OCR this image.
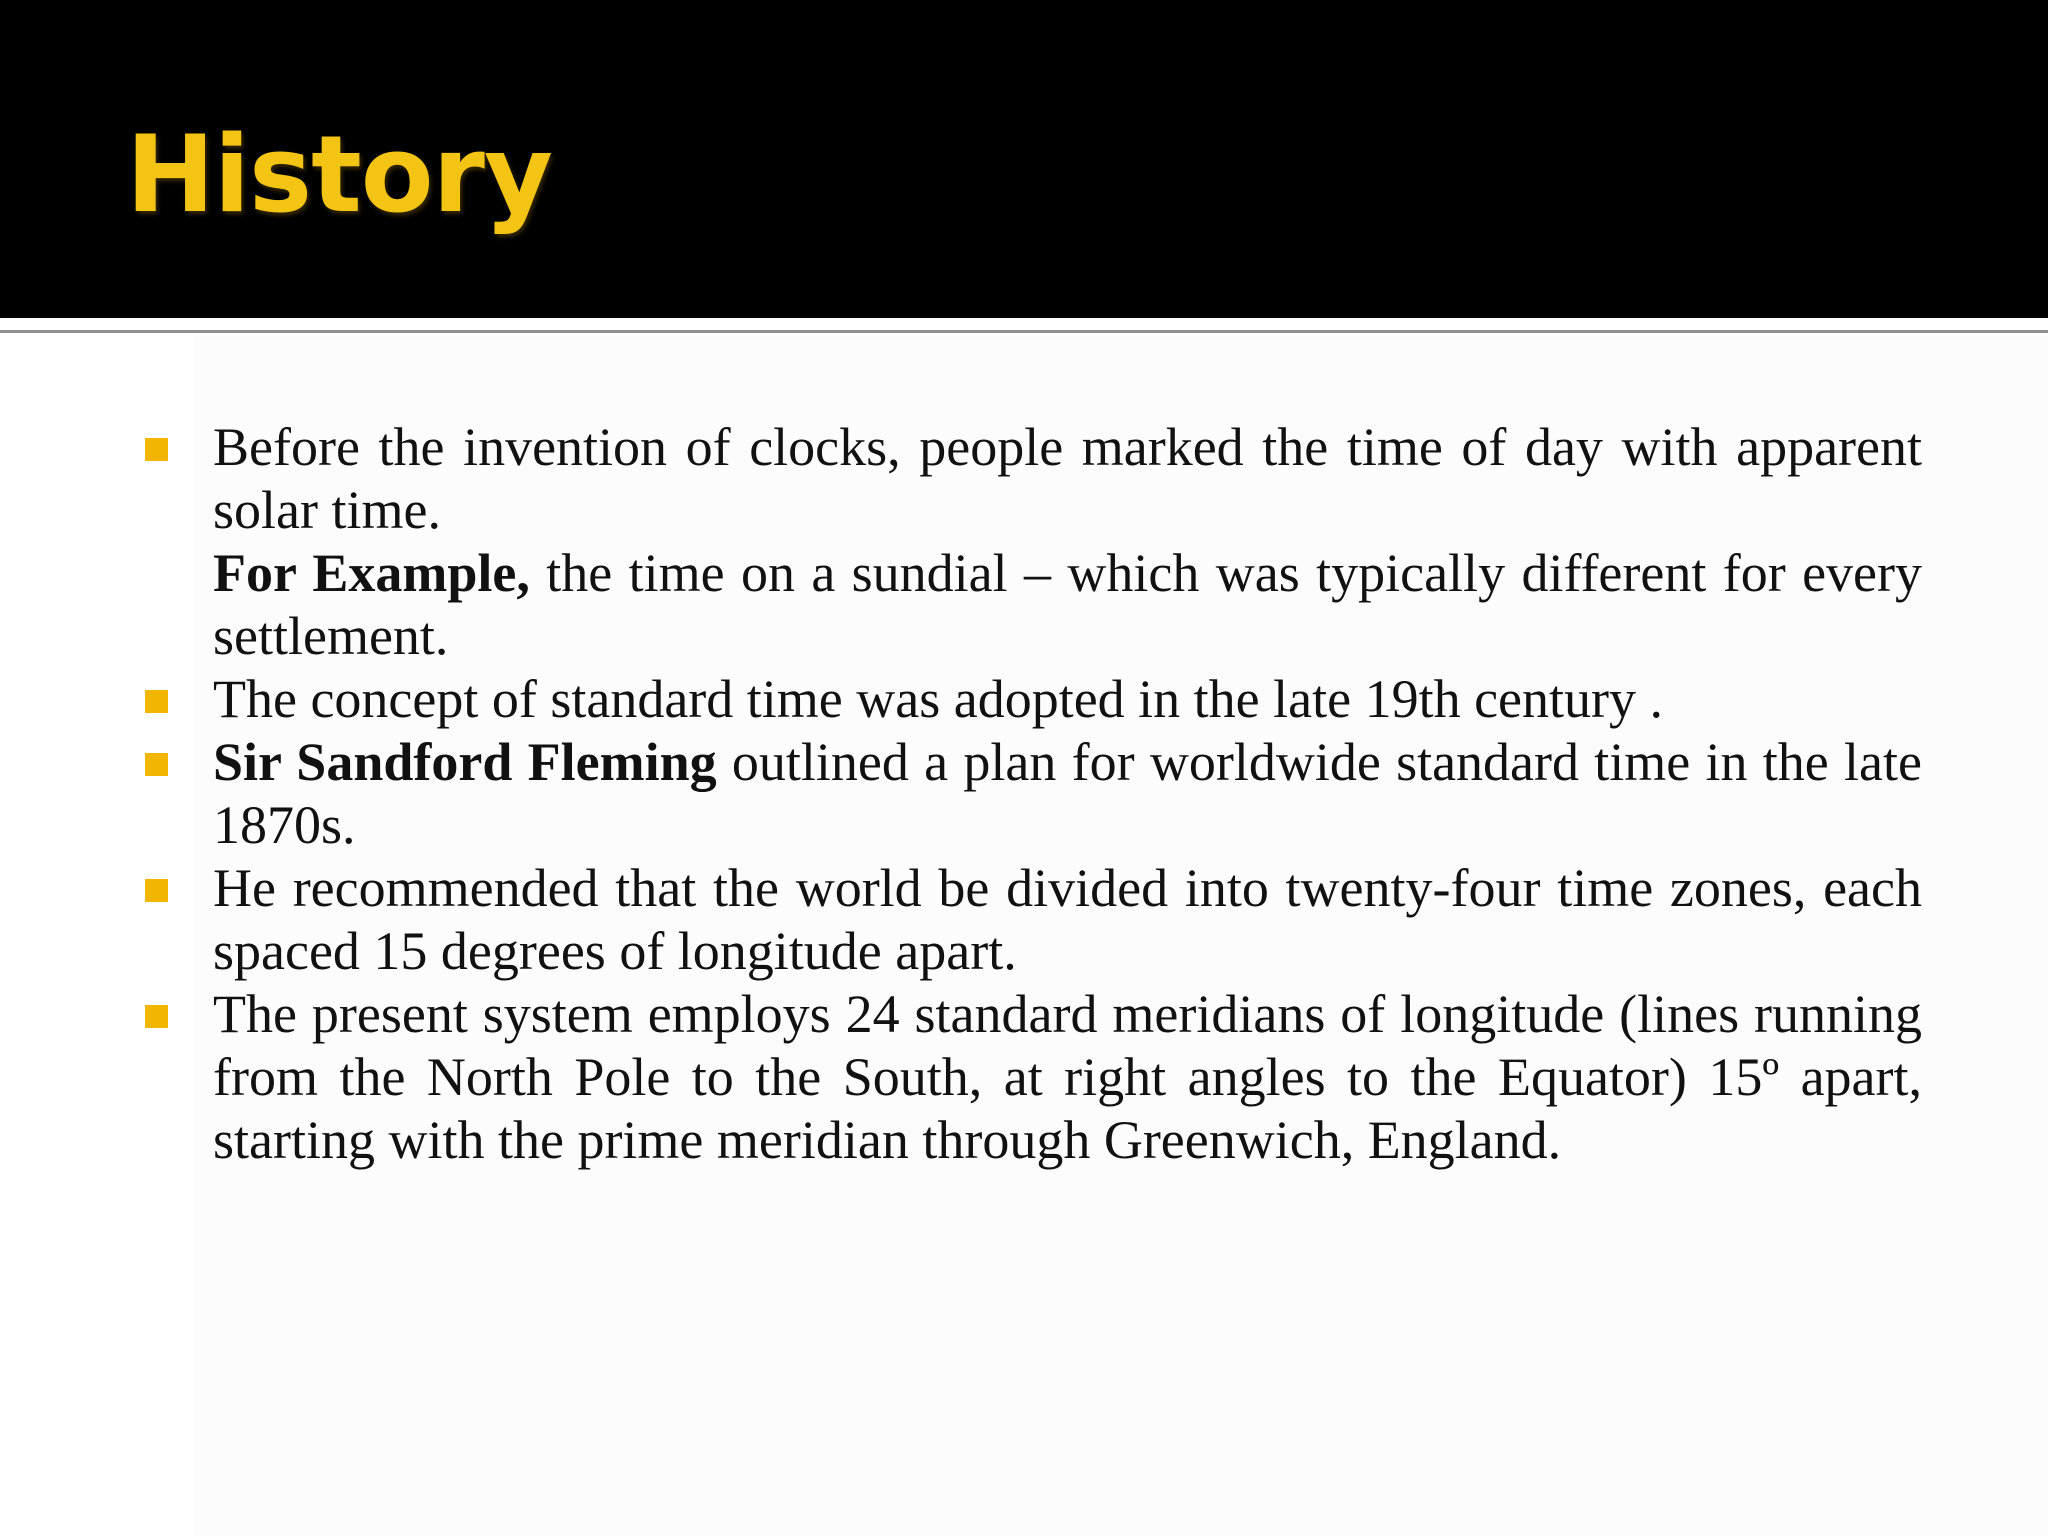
History

Before the invention of clocks, people marked the time of day with apparent solar time.

For Example, the time on a sundial – which was typically different for every settlement.

The concept of standard time was adopted in the late 19th century .

Sir Sandford Fleming outlined a plan for worldwide standard time in the late 1870s.

He recommended that the world be divided into twenty-four time zones, each spaced 15 degrees of longitude apart.

The present system employs 24 standard meridians of longitude (lines running from the North Pole to the South, at right angles to the Equator) 15º apart, starting with the prime meridian through Greenwich, England.
